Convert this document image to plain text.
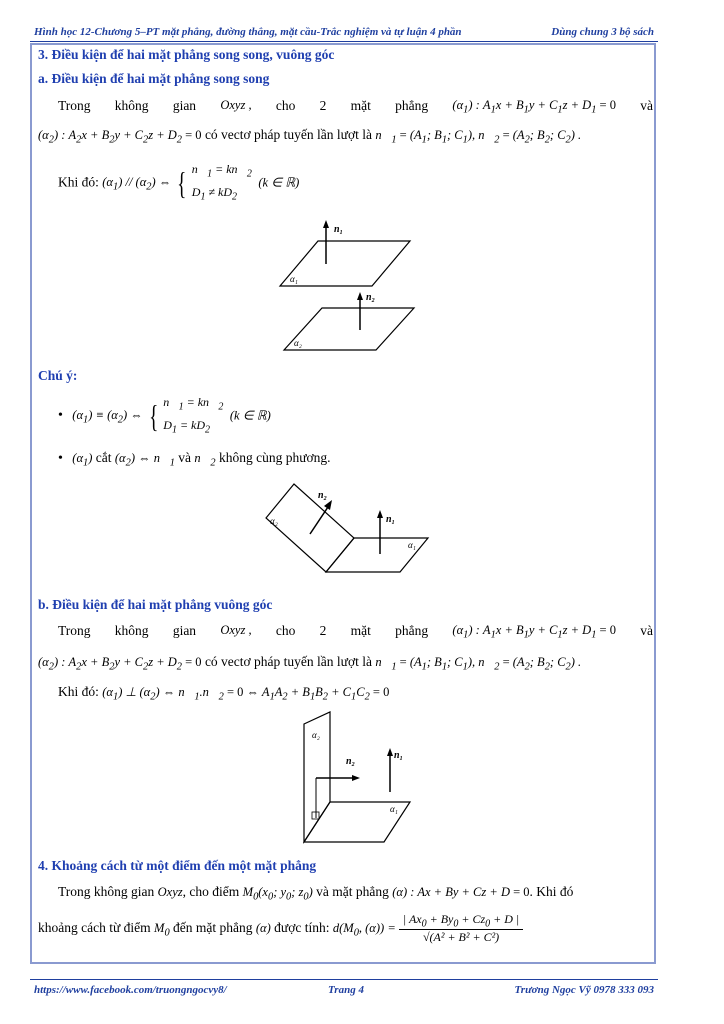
Hình học 12-Chương 5–PT mặt phẳng, đường thẳng, mặt cầu-Trắc nghiệm và tự luận 4 phần	Dùng chung 3 bộ sách
3. Điều kiện để hai mặt phẳng song song, vuông góc
a. Điều kiện để hai mặt phẳng song song
Trong không gian Oxyz , cho 2 mặt phẳng $(\alpha_1)$ : $A_1x + B_1y + C_1z + D_1 = 0$ và
$(\alpha_2)$ : $A_2x + B_2y + C_2z + D_2 = 0$ có vectơ pháp tuyến lần lượt là $n⃗_1 = (A_1$; $B_1$; $C_1$), $n⃗_2 = (A_2$; $B_2$; $C_2$) .
Khi đó: $(\alpha_1) // (\alpha_2)$ ⇔ { $n⃗_1$ = $kn⃗_2$
$D_1 \ne kD_2$
(k ∈ ℝ)
n₁
α₁
n₂
α₂
Chú ý:
• $(\alpha_1) \equiv (\alpha_2)$ ⇔ { $n⃗_1$ = $kn⃗_2$
$D_1 = kD_2$
(k ∈ ℝ)
• $(\alpha_1)$ cắt $(\alpha_2)$ ⇔ $n⃗_1$ và $n⃗_2$ không cùng phương.
n₂
n₁
α₂
α₁
b. Điều kiện để hai mặt phẳng vuông góc
Trong không gian Oxyz , cho 2 mặt phẳng $(\alpha_1)$ : $A_1x + B_1y + C_1z + D_1 = 0$ và
$(\alpha_2)$ : $A_2x + B_2y + C_2z + D_2 = 0$ có vectơ pháp tuyến lần lượt là $n⃗_1 = (A_1$; $B_1$; $C_1$), $n⃗_2 = (A_2$; $B_2$; $C_2$) .
Khi đó: $(\alpha_1)$ ⊥ $(\alpha_2)$ ⇔ $n⃗_1.n⃗_2 = 0$ ⇔ $A_1A_2 + B_1B_2 + C_1C_2 = 0$
n₂
n₁
α₂
α₁
4. Khoảng cách từ một điểm đến một mặt phẳng
Trong không gian Oxyz, cho điểm $M_0(x_0$; $y_0$; $z_0$) và mặt phẳng (α) : Ax + By + Cz + D = 0. Khi đó
khoảng cách từ điểm $M_0$ đến mặt phẳng (α) được tính: $d(M_0$, $(\alpha)) = \frac{| Ax_0 + By_0 + Cz_0 + D |}{\text{√(A² + B² + C²)}}$
https://www.facebook.com/truongngocvy8/	Trang 4	Trương Ngọc Vỹ 0978 333 093
